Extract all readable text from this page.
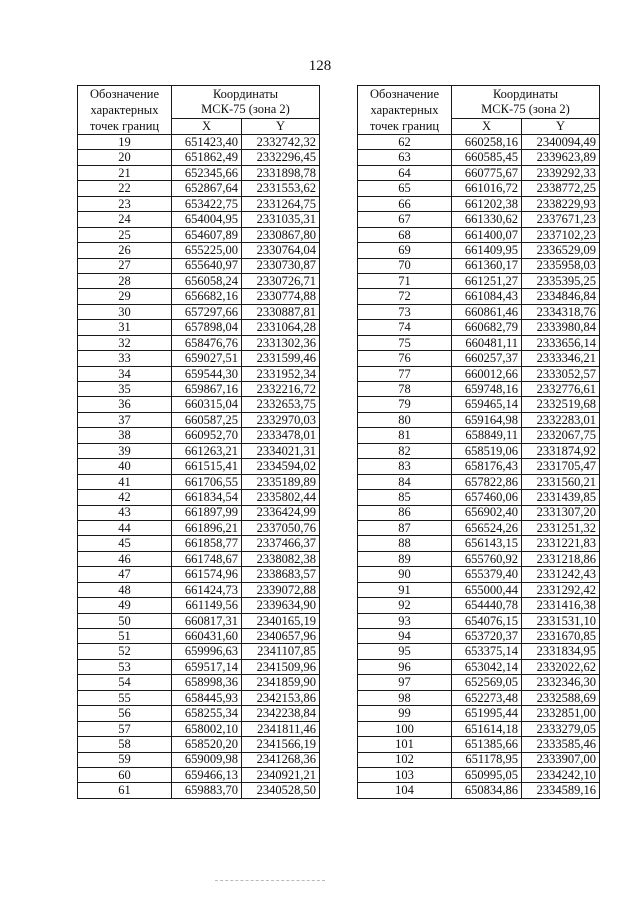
128
Обозначение
характерных
точек границ	Координаты
МСК-75 (зона 2)	
	X	Y
19	651423,40	2332742,32
20	651862,49	2332296,45
21	652345,66	2331898,78
22	652867,64	2331553,62
23	653422,75	2331264,75
24	654004,95	2331035,31
25	654607,89	2330867,80
26	655225,00	2330764,04
27	655640,97	2330730,87
28	656058,24	2330726,71
29	656682,16	2330774,88
30	657297,66	2330887,81
31	657898,04	2331064,28
32	658476,76	2331302,36
33	659027,51	2331599,46
34	659544,30	2331952,34
35	659867,16	2332216,72
36	660315,04	2332653,75
37	660587,25	2332970,03
38	660952,70	2333478,01
39	661263,21	2334021,31
40	661515,41	2334594,02
41	661706,55	2335189,89
42	661834,54	2335802,44
43	661897,99	2336424,99
44	661896,21	2337050,76
45	661858,77	2337466,37
46	661748,67	2338082,38
47	661574,96	2338683,57
48	661424,73	2339072,88
49	661149,56	2339634,90
50	660817,31	2340165,19
51	660431,60	2340657,96
52	659996,63	2341107,85
53	659517,14	2341509,96
54	658998,36	2341859,90
55	658445,93	2342153,86
56	658255,34	2342238,84
57	658002,10	2341811,46
58	658520,20	2341566,19
59	659009,98	2341268,36
60	659466,13	2340921,21
61	659883,70	2340528,50
Обозначение
характерных
точек границ	Координаты
МСК-75 (зона 2)	
	X	Y
62	660258,16	2340094,49
63	660585,45	2339623,89
64	660775,67	2339292,33
65	661016,72	2338772,25
66	661202,38	2338229,93
67	661330,62	2337671,23
68	661400,07	2337102,23
69	661409,95	2336529,09
70	661360,17	2335958,03
71	661251,27	2335395,25
72	661084,43	2334846,84
73	660861,46	2334318,76
74	660682,79	2333980,84
75	660481,11	2333656,14
76	660257,37	2333346,21
77	660012,66	2333052,57
78	659748,16	2332776,61
79	659465,14	2332519,68
80	659164,98	2332283,01
81	658849,11	2332067,75
82	658519,06	2331874,92
83	658176,43	2331705,47
84	657822,86	2331560,21
85	657460,06	2331439,85
86	656902,40	2331307,20
87	656524,26	2331251,32
88	656143,15	2331221,83
89	655760,92	2331218,86
90	655379,40	2331242,43
91	655000,44	2331292,42
92	654440,78	2331416,38
93	654076,15	2331531,10
94	653720,37	2331670,85
95	653375,14	2331834,95
96	653042,14	2332022,62
97	652569,05	2332346,30
98	652273,48	2332588,69
99	651995,44	2332851,00
100	651614,18	2333279,05
101	651385,66	2333585,46
102	651178,95	2333907,00
103	650995,05	2334242,10
104	650834,86	2334589,16
